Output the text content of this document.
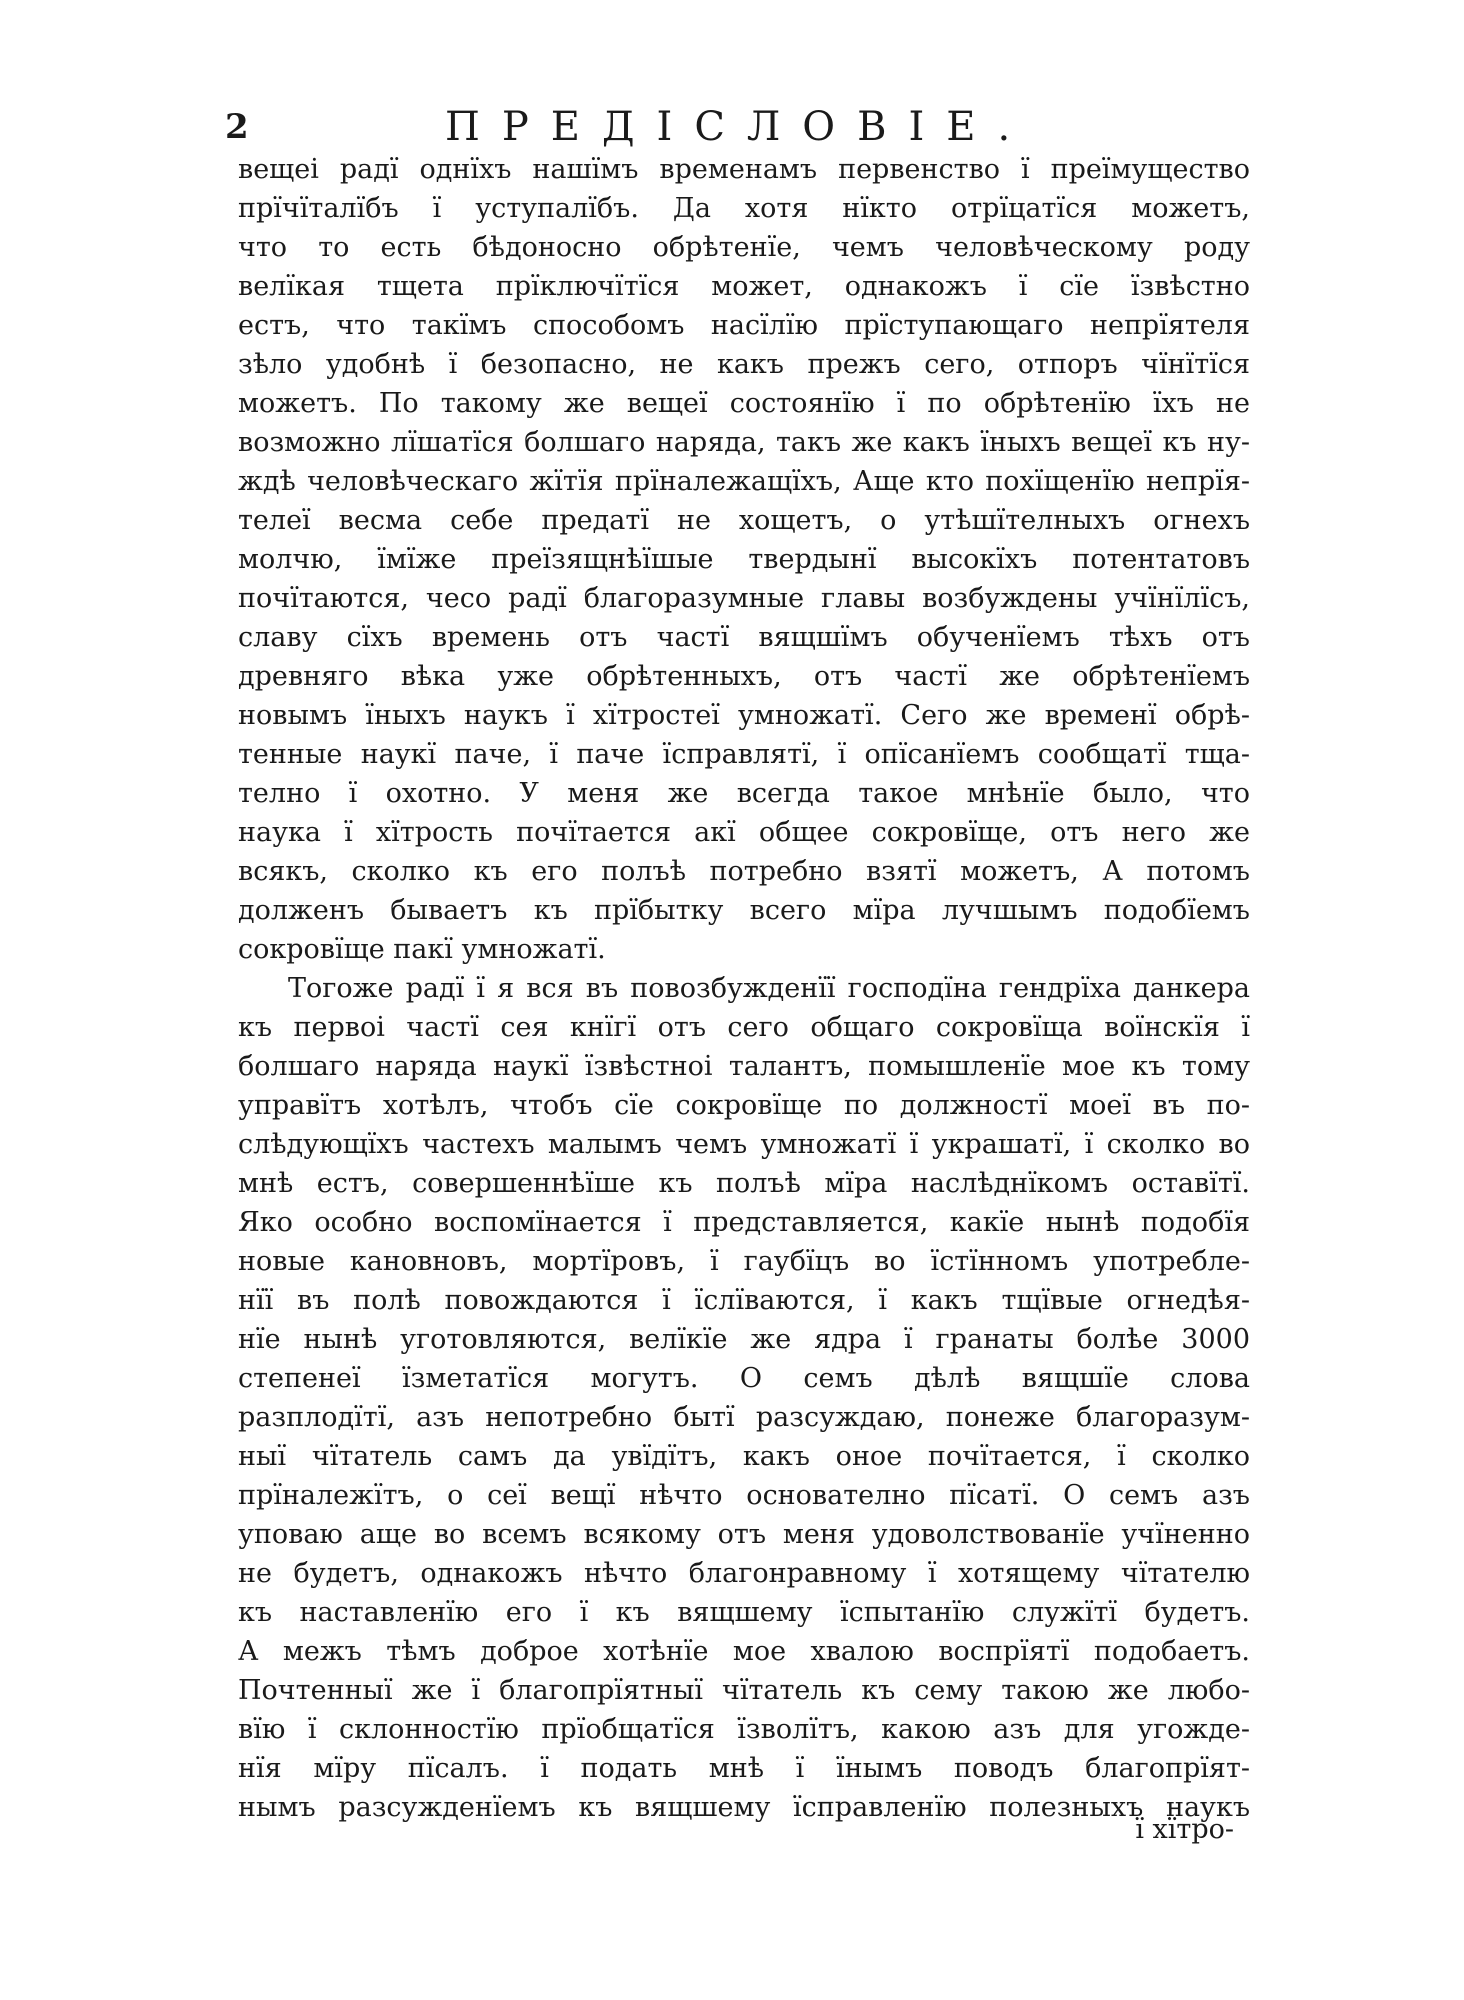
2	ПРЕДІСЛОВІЕ.
вещеі радї однїхъ нашїмъ временамъ первенство ї преїмущество
прїчїталїбъ ї уступалїбъ. Да хотя нїкто отрїцатїся можетъ,
что то есть бѣдоносно обрѣтенїе, чемъ человѣческому роду
велїкая тщета прїключїтїся может, однакожъ ї сїе їзвѣстно
естъ, что такїмъ способомъ насїлїю прїступающаго непрїятеля
зѣло удобнѣ ї безопасно, не какъ прежъ сего, отпоръ чїнїтїся
можетъ. По такому же вещеї состоянїю ї по обрѣтенїю їхъ не
возможно лїшатїся болшаго наряда, такъ же какъ їныхъ вещеї къ ну-
ждѣ человѣческаго жїтїя прїналежащїхъ, Аще кто похїщенїю непрїя-
телеї весма себе предатї не хощетъ, о утѣшїтелныхъ огнехъ
молчю, їмїже преїзящнѣїшые твердынї высокїхъ потентатовъ
почїтаются, чесо радї благоразумные главы возбуждены учїнїлїсъ,
славу сїхъ времень отъ частї вящшїмъ обученїемъ тѣхъ отъ
древняго вѣка уже обрѣтенныхъ, отъ частї же обрѣтенїемъ
новымъ їныхъ наукъ ї хїтростеї умножатї. Сего же временї обрѣ-
тенные наукї паче, ї паче їсправлятї, ї опїсанїемъ сообщатї тща-
телно ї охотно. У меня же всегда такое мнѣнїе было, что
наука ї хїтрость почїтается акї общее сокровїще, отъ него же
всякъ, сколко къ его полъѣ потребно взятї можетъ, А потомъ
долженъ бываетъ къ прїбытку всего мїра лучшымъ подобїемъ
сокровїще пакї умножатї.
Тогоже радї ї я вся въ повозбужденїї господїна гендрїха данкера
къ первоі частї сея кнїгї отъ сего общаго сокровїща воїнскїя ї
болшаго наряда наукї їзвѣстноі талантъ, помышленїе мое къ тому
управїтъ хотѣлъ, чтобъ сїе сокровїще по должностї моеї въ по-
слѣдующїхъ частехъ малымъ чемъ умножатї ї украшатї, ї сколко во
мнѣ естъ, совершеннѣїше къ полъѣ мїра наслѣднїкомъ оставїтї.
Яко особно воспомїнается ї представляется, какїе нынѣ подобїя
новые кановновъ, мортїровъ, ї гаубїцъ во їстїнномъ употребле-
нїї въ полѣ повождаются ї їслїваются, ї какъ тщївые огнедѣя-
нїе нынѣ уготовляются, велїкїе же ядра ї гранаты болѣе 3000
степенеї їзметатїся могутъ. О семъ дѣлѣ вящшїе слова
разплодїтї, азъ непотребно бытї разсуждаю, понеже благоразум-
ныї чїтатель самъ да увїдїтъ, какъ оное почїтается, ї сколко
прїналежїтъ, о сеї вещї нѣчто основателно пїсатї. О семъ азъ
уповаю аще во всемъ всякому отъ меня удоволствованїе учїненно
не будетъ, однакожъ нѣчто благонравному ї хотящему чїтателю
къ наставленїю его ї къ вящшему їспытанїю служїтї будетъ.
А межъ тѣмъ доброе хотѣнїе мое хвалою воспрїятї подобаетъ.
Почтенныї же ї благопрїятныї чїтатель къ сему такою же любо-
вїю ї склонностїю прїобщатїся їзволїтъ, какою азъ для угожде-
нїя мїру пїсалъ. ї подать мнѣ ї їнымъ поводъ благопрїят-
нымъ разсужденїемъ къ вящшему їсправленїю полезныхъ наукъ
ї хїтро-
